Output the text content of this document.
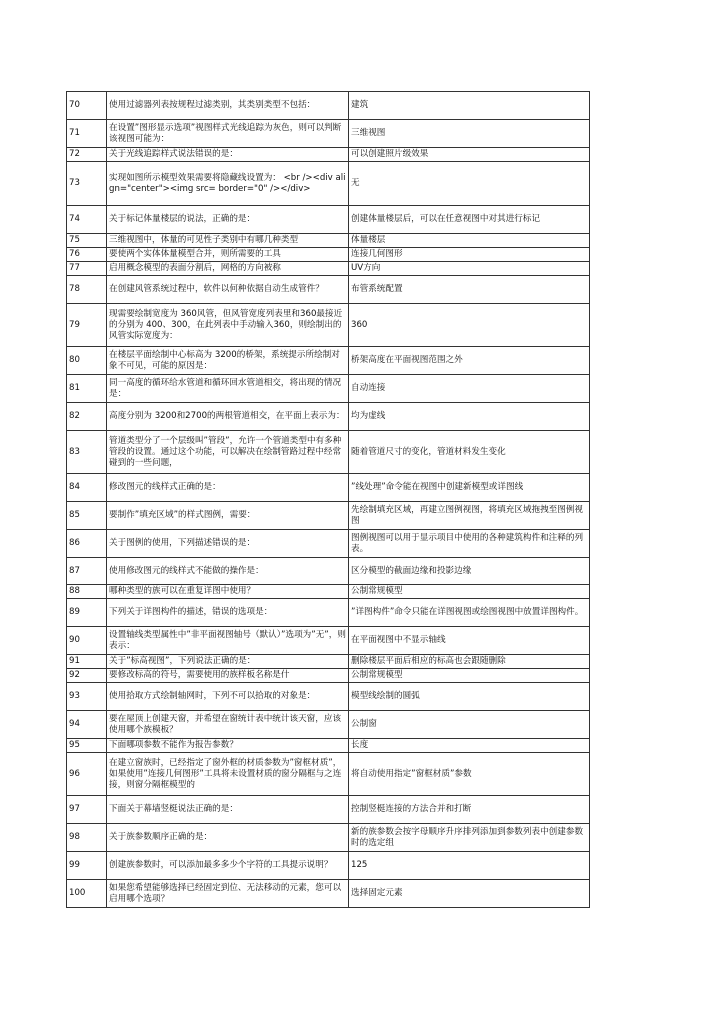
70	使用过滤器列表按规程过滤类别，其类别类型不包括：	建筑
71	在设置”图形显示选项”视图样式光线追踪为灰色，则可以判断该视图可能为：	三维视图
72	关于光线追踪样式说法错误的是：	可以创建照片级效果
73	实现如图所示模型效果需要将隐藏线设置为： <br /><div align="center"><img src= border="0" /></div>	无
74	关于标记体量楼层的说法，正确的是：	创建体量楼层后，可以在任意视图中对其进行标记
75	三维视图中，体量的可见性子类别中有哪几种类型	体量楼层
76	要使两个实体体量模型合并，则所需要的工具	连接几何图形
77	启用概念模型的表面分割后，网格的方向被称	UV方向
78	在创建风管系统过程中，软件以何种依据自动生成管件？	布管系统配置
79	现需要绘制宽度为 360风管，但风管宽度列表里和360最接近的分别为 400、300，在此列表中手动输入360，则绘制出的风管实际宽度为：	360
80	在楼层平面绘制中心标高为 3200的桥架，系统提示所绘制对象不可见，可能的原因是：	桥架高度在平面视图范围之外
81	同一高度的循环给水管道和循环回水管道相交，将出现的情况是：	自动连接
82	高度分别为 3200和2700的两根管道相交，在平面上表示为：	均为虚线
83	管道类型分了一个层级叫”管段”，允许一个管道类型中有多种管段的设置。通过这个功能，可以解决在绘制管路过程中经常碰到的一些问题，	随着管道尺寸的变化，管道材料发生变化
84	修改图元的线样式正确的是：	”线处理”命令能在视图中创建新模型或详图线
85	要制作”填充区域”的样式图例，需要：	先绘制填充区域，再建立图例视图，将填充区域拖拽至图例视图
86	关于图例的使用，下列描述错误的是：	图例视图可以用于显示项目中使用的各种建筑构件和注释的列表。
87	使用修改图元的线样式不能做的操作是：	区分模型的截面边缘和投影边缘
88	哪种类型的族可以在重复详图中使用？	公制常规模型
89	下列关于详图构件的描述，错误的选项是：	”详图构件”命令只能在详图视图或绘图视图中放置详图构件。
90	设置轴线类型属性中”非平面视图轴号（默认）”选项为”无”，则表示：	在平面视图中不显示轴线
91	关于”标高视图”，下列说法正确的是：	删除楼层平面后相应的标高也会跟随删除
92	要修改标高的符号，需要使用的族样板名称是什	公制常规模型
93	使用拾取方式绘制轴网时，下列不可以拾取的对象是：	模型线绘制的圆弧
94	要在屋顶上创建天窗，并希望在窗统计表中统计该天窗，应该使用哪个族模板？	公制窗
95	下面哪项参数不能作为报告参数？	长度
96	在建立窗族时，已经指定了窗外框的材质参数为”窗框材质”，如果使用”连接几何图形”工具将未设置材质的窗分隔框与之连接，则窗分隔框模型的	将自动使用指定”窗框材质”参数
97	下面关于幕墙竖梃说法正确的是：	控制竖梃连接的方法合并和打断
98	关于族参数顺序正确的是：	新的族参数会按字母顺序升序排列添加到参数列表中创建参数时的选定组
99	创建族参数时，可以添加最多多少个字符的工具提示说明？	125
100	如果您希望能够选择已经固定到位、无法移动的元素，您可以启用哪个选项？	选择固定元素
